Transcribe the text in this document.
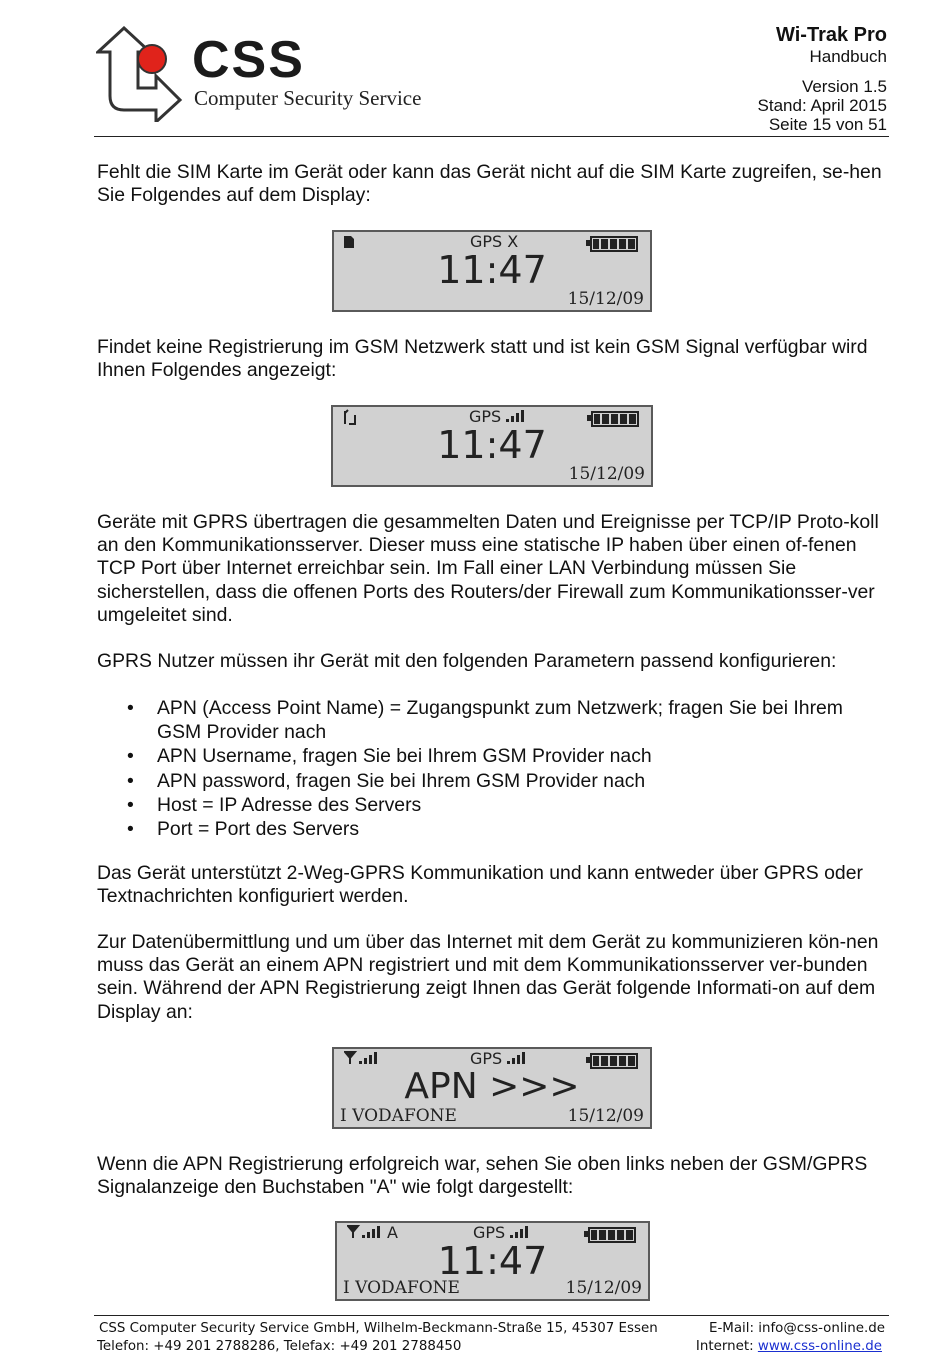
CSS
Computer Security Service
Wi-Trak Pro
Handbuch
Version 1.5
Stand: April 2015
Seite 15 von 51

Fehlt die SIM Karte im Gerät oder kann das Gerät nicht auf die SIM Karte zugreifen, se-hen Sie Folgendes auf dem Display:

GPS X
11:47
15/12/09

Findet keine Registrierung im GSM Netzwerk statt und ist kein GSM Signal verfügbar wird Ihnen Folgendes angezeigt:

GPS
11:47
15/12/09

Geräte mit GPRS übertragen die gesammelten Daten und Ereignisse per TCP/IP Proto-koll an den Kommunikationsserver. Dieser muss eine statische IP haben über einen of-fenen TCP Port über Internet erreichbar sein. Im Fall einer LAN Verbindung müssen Sie sicherstellen, dass die offenen Ports des Routers/der Firewall zum Kommunikationsser-ver umgeleitet sind.

GPRS Nutzer müssen ihr Gerät mit den folgenden Parametern passend konfigurieren:

• APN (Access Point Name) = Zugangspunkt zum Netzwerk; fragen Sie bei Ihrem GSM Provider nach
• APN Username, fragen Sie bei Ihrem GSM Provider nach
• APN password, fragen Sie bei Ihrem GSM Provider nach
• Host = IP Adresse des Servers
• Port = Port des Servers

Das Gerät unterstützt 2-Weg-GPRS Kommunikation und kann entweder über GPRS oder Textnachrichten konfiguriert werden.

Zur Datenübermittlung und um über das Internet mit dem Gerät zu kommunizieren kön-nen muss das Gerät an einem APN registriert und mit dem Kommunikationsserver ver-bunden sein. Während der APN Registrierung zeigt Ihnen das Gerät folgende Informati-on auf dem Display an:

GPS
APN >>>
I VODAFONE	15/12/09

Wenn die APN Registrierung erfolgreich war, sehen Sie oben links neben der GSM/GPRS Signalanzeige den Buchstaben "A" wie folgt dargestellt:

A	GPS
11:47
I VODAFONE	15/12/09
CSS Computer Security Service GmbH, Wilhelm-Beckmann-Straße 15, 45307 Essen
Telefon: +49 201 2788286, Telefax: +49 201 2788450
E-Mail: info@css-online.de
Internet: www.css-online.de
